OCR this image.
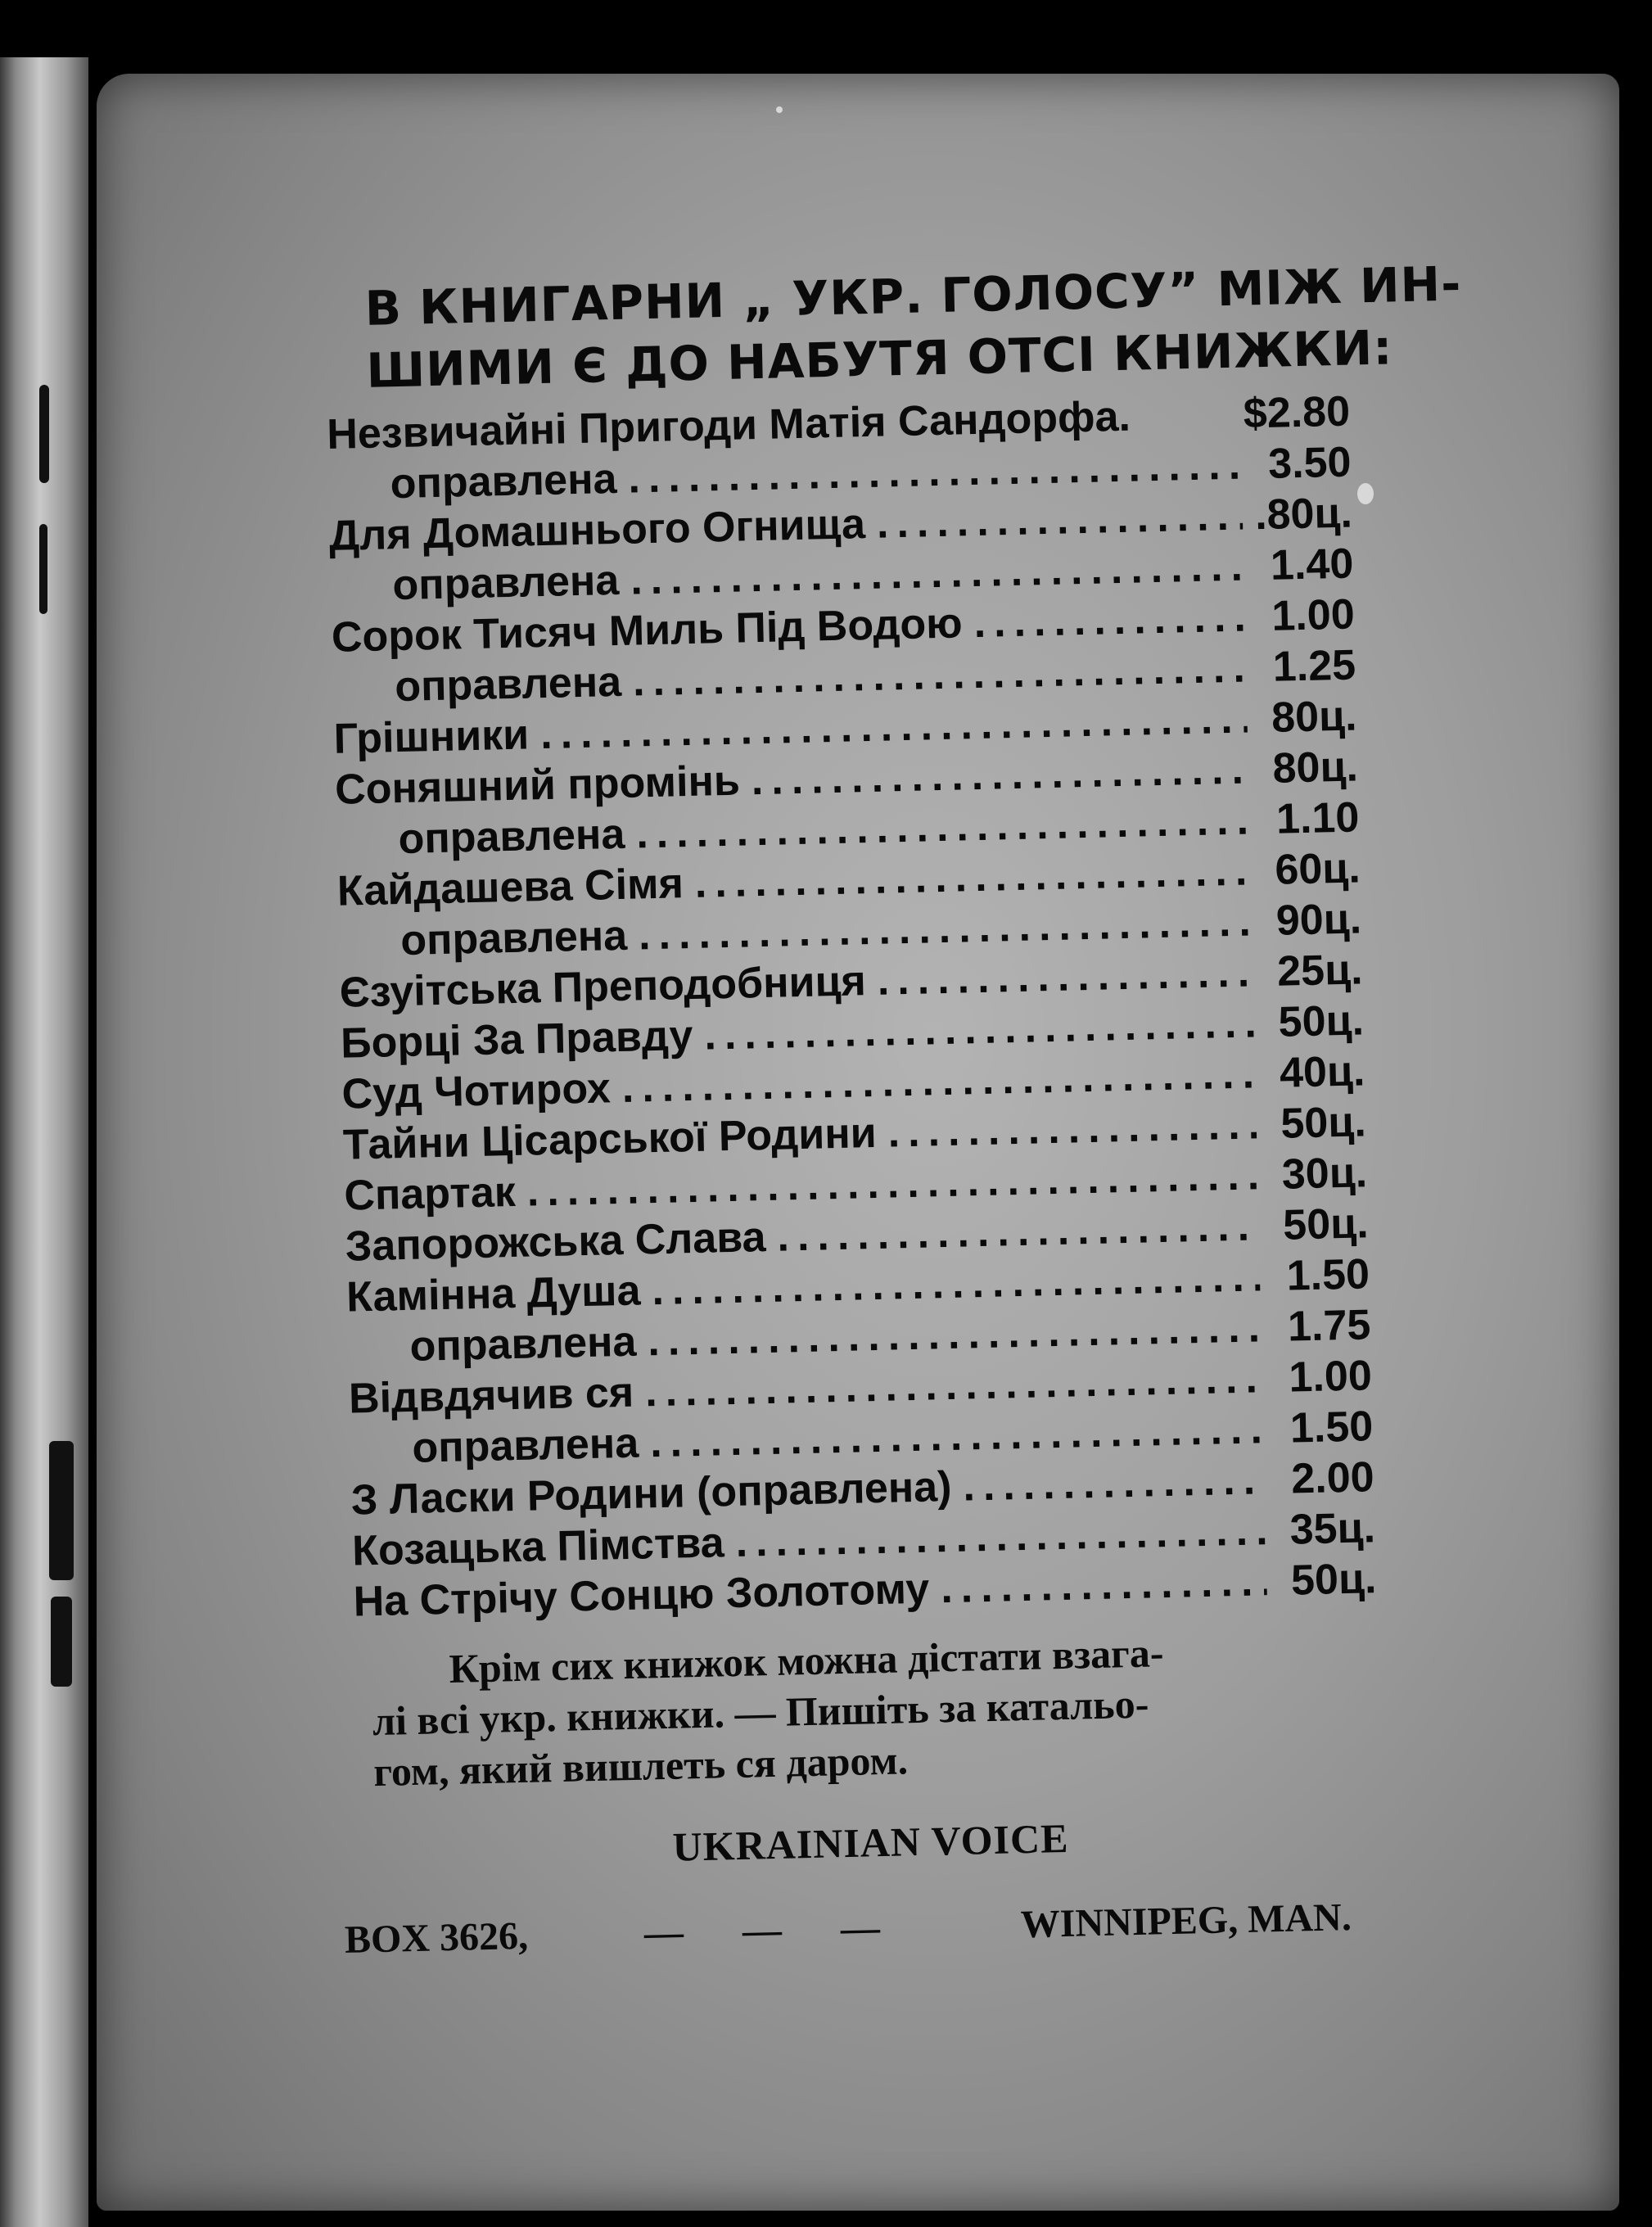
В КНИГАРНИ „ УКР. ГОЛОСУ” МІЖ ИН-
ШИМИ Є ДО НАБУТЯ ОТСІ КНИЖКИ:
Незвичайні Пригоди Матія Сандорфа.	$2.80
оправлена .....	3.50
Для Домашнього Огнища .....	.80ц.
оправлена .....	1.40
Сорок Тисяч Миль Під Водою .....	1.00
оправлена .....	1.25
Грішники .....	80ц.
Соняшний промінь .....	80ц.
оправлена .....	1.10
Кайдашева Сімя .....	60ц.
оправлена .....	90ц.
Єзуітська Преподобниця .....	25ц.
Борці За Правду .....	50ц.
Суд Чотирох .....	40ц.
Тайни Цісарської Родини .....	50ц.
Спартак .....	30ц.
Запорожська Слава .....	50ц.
Камінна Душа .....	1.50
оправлена .....	1.75
Відвдячив ся .....	1.00
оправлена .....	1.50
З Ласки Родини (оправлена) .....	2.00
Козацька Пімства .....	35ц.
На Стрічу Сонцю Золотому .....	50ц.
Крім сих книжок можна дістати взага-
лі всі укр. книжки. — Пишіть за катальо-
гом, який вишлеть ся даром.
UKRAINIAN VOICE
BOX 3626,	— — —	WINNIPEG, MAN.
